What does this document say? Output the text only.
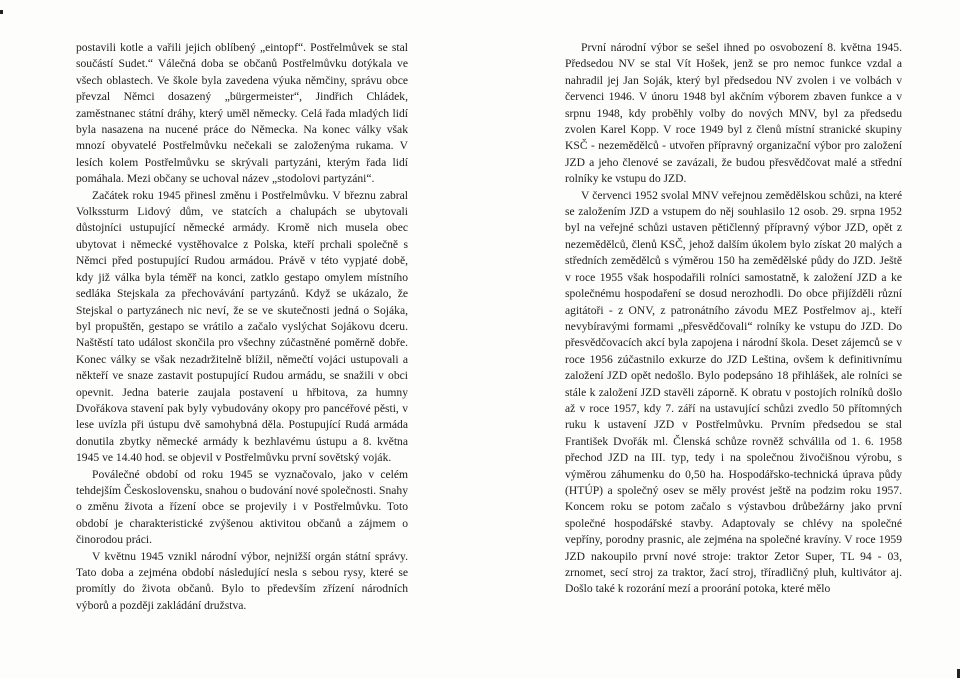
postavili kotle a vařili jejich oblíbený „eintopf“. Postřelmůvek se stal součástí Sudet.“ Válečná doba se občanů Postřelmůvku dotýkala ve všech oblastech. Ve škole byla zavedena výuka němčiny, správu obce převzal Němci dosazený „bürgermeister“, Jindřich Chládek, zaměstnanec státní dráhy, který uměl německy. Celá řada mladých lidí byla nasazena na nucené práce do Německa. Na konec války však mnozí obyvatelé Postřelmůvku nečekali se založenýma rukama. V lesích kolem Postřelmůvku se skrývali partyzáni, kterým řada lidí pomáhala. Mezi občany se uchoval název „stodolovi partyzáni“.

Začátek roku 1945 přinesl změnu i Postřelmůvku. V březnu zabral Volkssturm Lidový dům, ve statcích a chalupách se ubytovali důstojníci ustupující německé armády. Kromě nich musela obec ubytovat i německé vystěhovalce z Polska, kteří prchali společně s Němci před postupující Rudou armádou. Právě v této vypjaté době, kdy již válka byla téměř na konci, zatklo gestapo omylem místního sedláka Stejskala za přechovávání partyzánů. Když se ukázalo, že Stejskal o partyzánech nic neví, že se ve skutečnosti jedná o Sojáka, byl propuštěn, gestapo se vrátilo a začalo vyslýchat Sojákovu dceru. Naštěstí tato událost skončila pro všechny zúčastněné poměrně dobře. Konec války se však nezadržitelně blížil, němečtí vojáci ustupovali a někteří ve snaze zastavit postupující Rudou armádu, se snažili v obci opevnit. Jedna baterie zaujala postavení u hřbitova, za humny Dvořákova stavení pak byly vybudovány okopy pro pancéřové pěsti, v lese uvízla při ústupu dvě samohybná děla. Postupující Rudá armáda donutila zbytky německé armády k bezhlavému ústupu a 8. května 1945 ve 14.40 hod. se objevil v Postřelmůvku první sovětský voják.

Poválečné období od roku 1945 se vyznačovalo, jako v celém tehdejším Československu, snahou o budování nové společnosti. Snahy o změnu života a řízení obce se projevily i v Postřelmůvku. Toto období je charakteristické zvýšenou aktivitou občanů a zájmem o činorodou práci.

V květnu 1945 vznikl národní výbor, nejnižší orgán státní správy. Tato doba a zejména období následující nesla s sebou rysy, které se promítly do života občanů. Bylo to především zřízení národních výborů a později zakládání družstva.

První národní výbor se sešel ihned po osvobození 8. května 1945. Předsedou NV se stal Vít Hošek, jenž se pro nemoc funkce vzdal a nahradil jej Jan Soják, který byl předsedou NV zvolen i ve volbách v červenci 1946. V únoru 1948 byl akčním výborem zbaven funkce a v srpnu 1948, kdy proběhly volby do nových MNV, byl za předsedu zvolen Karel Kopp. V roce 1949 byl z členů místní stranické skupiny KSČ - nezemědělců - utvořen přípravný organizační výbor pro založení JZD a jeho členové se zavázali, že budou přesvědčovat malé a střední rolníky ke vstupu do JZD.

V červenci 1952 svolal MNV veřejnou zemědělskou schůzi, na které se založením JZD a vstupem do něj souhlasilo 12 osob. 29. srpna 1952 byl na veřejné schůzi ustaven pětičlenný přípravný výbor JZD, opět z nezemědělců, členů KSČ, jehož dalším úkolem bylo získat 20 malých a středních zemědělců s výměrou 150 ha zemědělské půdy do JZD. Ještě v roce 1955 však hospodařili rolníci samostatně, k založení JZD a ke společnému hospodaření se dosud nerozhodli. Do obce přijížděli různí agitátoři - z ONV, z patronátního závodu MEZ Postřelmov aj., kteří nevybíravými formami „přesvědčovali“ rolníky ke vstupu do JZD. Do přesvědčovacích akcí byla zapojena i národní škola. Deset zájemců se v roce 1956 zúčastnilo exkurze do JZD Leština, ovšem k definitivnímu založení JZD opět nedošlo. Bylo podepsáno 18 přihlášek, ale rolníci se stále k založení JZD stavěli záporně. K obratu v postojích rolníků došlo až v roce 1957, kdy 7. září na ustavující schůzi zvedlo 50 přítomných ruku k ustavení JZD v Postřelmůvku. Prvním předsedou se stal František Dvořák ml. Členská schůze rovněž schválila od 1. 6. 1958 přechod JZD na III. typ, tedy i na společnou živočišnou výrobu, s výměrou záhumenku do 0,50 ha. Hospodářsko-technická úprava půdy (HTÚP) a společný osev se měly provést ještě na podzim roku 1957. Koncem roku se potom začalo s výstavbou drůbežárny jako první společné hospodářské stavby. Adaptovaly se chlévy na společné vepříny, porodny prasnic, ale zejména na společné kravíny. V roce 1959 JZD nakoupilo první nové stroje: traktor Zetor Super, TL 94 - 03, zrnomet, secí stroj za traktor, žací stroj, tříradličný pluh, kultivátor aj. Došlo také k rozorání mezí a proorání potoka, které mělo
